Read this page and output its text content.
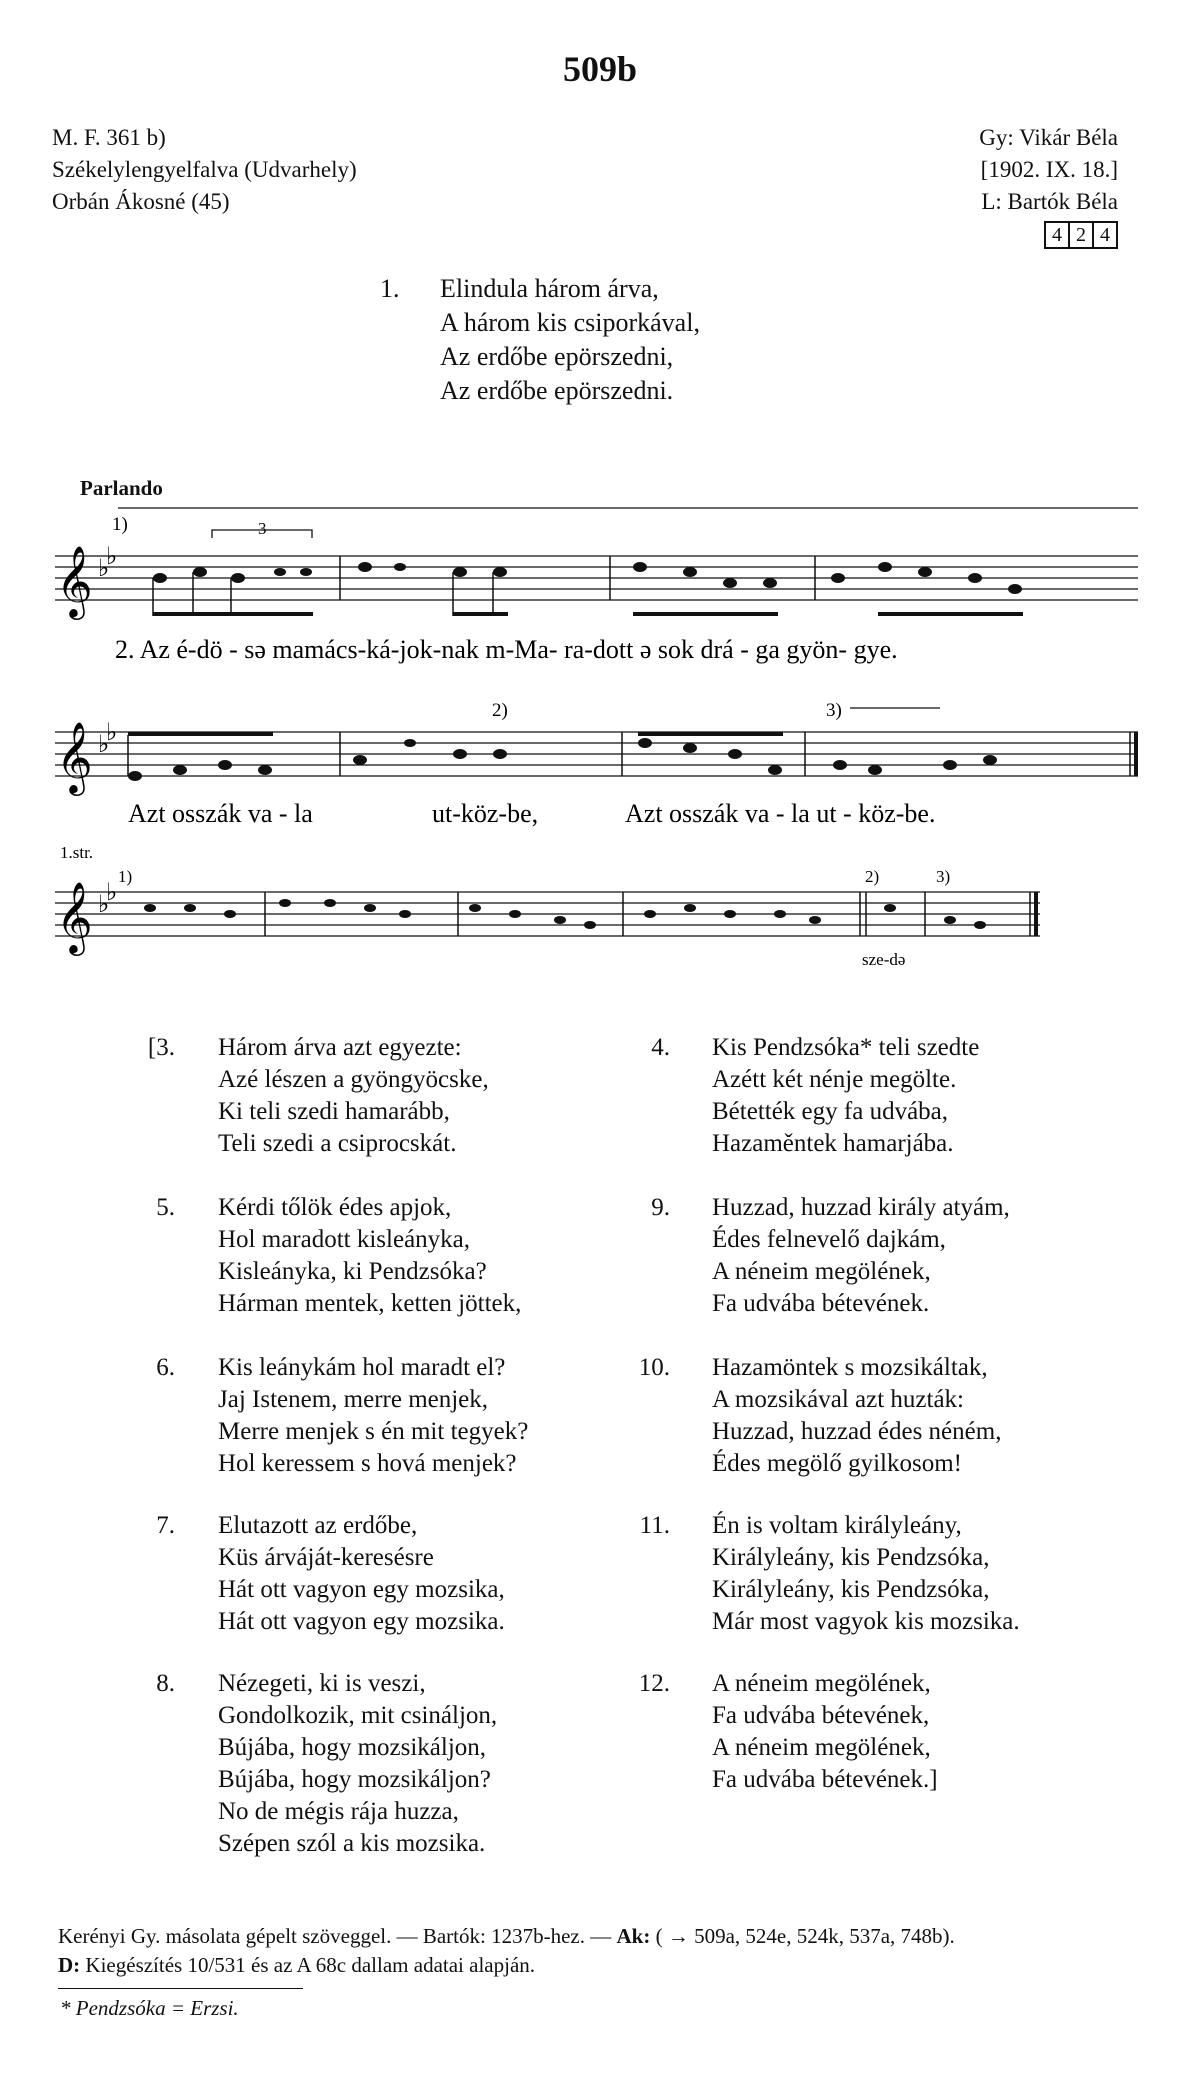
509b
M. F. 361 b)
Székelylengyelfalva (Udvarhely)
Orbán Ákosné (45)
Gy: Vikár Béla
[1902. IX. 18.]
L: Bartók Béla
4 2 4
1.	Elindula három árva,
A három kis csiporkával,
Az erdőbe epörszedni,
Az erdőbe epörszedni.
Parlando
1)	3
𝄞 ♭
♭
2. Az é-dö - sə mamács-ká-jok-nak m-Ma- ra-dott ə sok drá - ga gyön- gye.
2)	3)
𝄞 ♭
♭
Azt osszák va - la	ut-köz-be,	Azt osszák va - la ut - köz-be.
1.str.
1)	2)	3)
𝄞 ♭
♭
sze-də
[3. Három árva azt egyezte:
Azé lészen a gyöngyöcske,
Ki teli szedi hamarább,
Teli szedi a csiprocskát.
5. Kérdi tőlök édes apjok,
Hol maradott kisleányka,
Kisleányka, ki Pendzsóka?
Hárman mentek, ketten jöttek,
6. Kis leánykám hol maradt el?
Jaj Istenem, merre menjek,
Merre menjek s én mit tegyek?
Hol keressem s hová menjek?
7. Elutazott az erdőbe,
Küs árváját-keresésre
Hát ott vagyon egy mozsika,
Hát ott vagyon egy mozsika.
8. Nézegeti, ki is veszi,
Gondolkozik, mit csináljon,
Bújába, hogy mozsikáljon,
Bújába, hogy mozsikáljon?
No de mégis rája huzza,
Szépen szól a kis mozsika.
4. Kis Pendzsóka* teli szedte
Azétt két nénje megölte.
Bétették egy fa udvába,
Hazaměntek hamarjába.
9. Huzzad, huzzad király atyám,
Édes felnevelő dajkám,
A néneim megölének,
Fa udvába bétevének.
10. Hazamöntek s mozsikáltak,
A mozsikával azt huzták:
Huzzad, huzzad édes néném,
Édes megölő gyilkosom!
11. Én is voltam királyleány,
Királyleány, kis Pendzsóka,
Királyleány, kis Pendzsóka,
Már most vagyok kis mozsika.
12. A néneim megölének,
Fa udvába bétevének,
A néneim megölének,
Fa udvába bétevének.]
Kerényi Gy. másolata gépelt szöveggel. — Bartók: 1237b-hez. — Ak: ( → 509a, 524e, 524k, 537a, 748b).
D: Kiegészítés 10/531 és az A 68c dallam adatai alapján.
* Pendzsóka = Erzsi.
